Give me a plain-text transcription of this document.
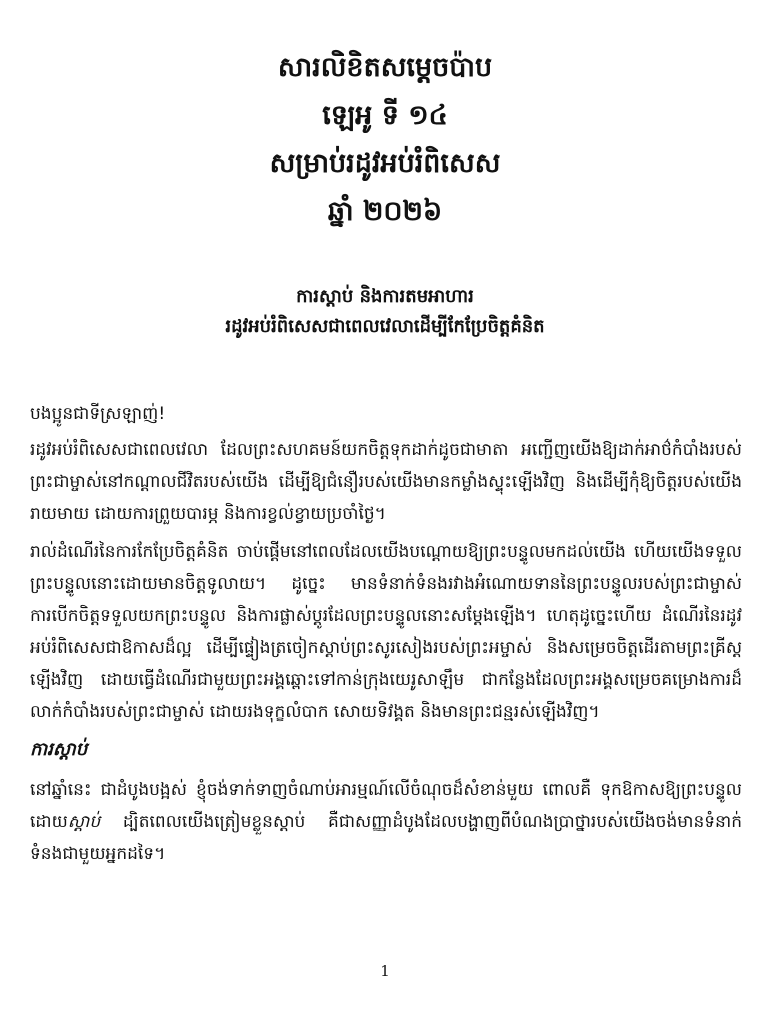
សារលិខិតសម្ដេចប៉ាប

ឡេអូ ទី ១៤

សម្រាប់រដូវអប់រំពិសេស

ឆ្នាំ ២០២៦

ការស្ដាប់ និងការតមអាហារ

រដូវអប់រំពិសេសជាពេលវេលាដើម្បីកែប្រែចិត្តគំនិត

បងប្អូនជាទីស្រឡាញ់!

រដូវអប់រំពិសេសជាពេលវេលា ដែលព្រះសហគមន៍យកចិត្តទុកដាក់ដូចជាមាតា អញ្ជើញយើងឱ្យដាក់អាថ៌កំបាំងរបស់ព្រះជាម្ចាស់នៅកណ្ដាលជីវិតរបស់យើង ដើម្បីឱ្យជំនឿរបស់យើងមានកម្លាំងស្ទុះឡើងវិញ និងដើម្បីកុំឱ្យចិត្តរបស់យើងរាយមាយ ដោយការព្រួយបារម្ភ និងការខ្វល់ខ្វាយប្រចាំថ្ងៃ។

រាល់ដំណើរនៃការកែប្រែចិត្តគំនិត ចាប់ផ្ដើមនៅពេលដែលយើងបណ្ដោយឱ្យព្រះបន្ទូលមកដល់យើង ហើយយើងទទួលព្រះបន្ទូលនោះដោយមានចិត្តទូលាយ។ ដូច្នេះ មានទំនាក់ទំនងរវាងអំណោយទាននៃព្រះបន្ទូលរបស់ព្រះជាម្ចាស់ ការបើកចិត្តទទួលយកព្រះបន្ទូល និងការផ្លាស់ប្ដូរដែលព្រះបន្ទូលនោះសម្ដែងឡើង។ ហេតុដូច្នេះហើយ ដំណើរនៃរដូវអប់រំពិសេសជាឱកាសដ៏ល្អ ដើម្បីផ្ទៀងត្រចៀកស្ដាប់ព្រះសូរសៀងរបស់ព្រះអម្ចាស់ និងសម្រេចចិត្តដើរតាមព្រះគ្រីស្ដឡើងវិញ ដោយធ្វើដំណើរជាមួយព្រះអង្គឆ្ពោះទៅកាន់ក្រុងយេរូសាឡឹម ជាកន្លែងដែលព្រះអង្គសម្រេចគម្រោងការដ៏លាក់កំបាំងរបស់ព្រះជាម្ចាស់ ដោយរងទុក្ខលំបាក សោយទិវង្គត និងមានព្រះជន្មរស់ឡើងវិញ។

ការស្ដាប់

នៅឆ្នាំនេះ ជាដំបូងបង្អស់ ខ្ញុំចង់ទាក់ទាញចំណាប់អារម្មណ៍លើចំណុចដ៏សំខាន់មួយ ពោលគឺ ទុកឱកាសឱ្យព្រះបន្ទូល ដោយស្ដាប់ ដ្បិតពេលយើងត្រៀមខ្លួនស្ដាប់ គឺជាសញ្ញាដំបូងដែលបង្ហាញពីបំណងប្រាថ្នារបស់យើងចង់មានទំនាក់ទំនងជាមួយអ្នកដទៃ។

1
